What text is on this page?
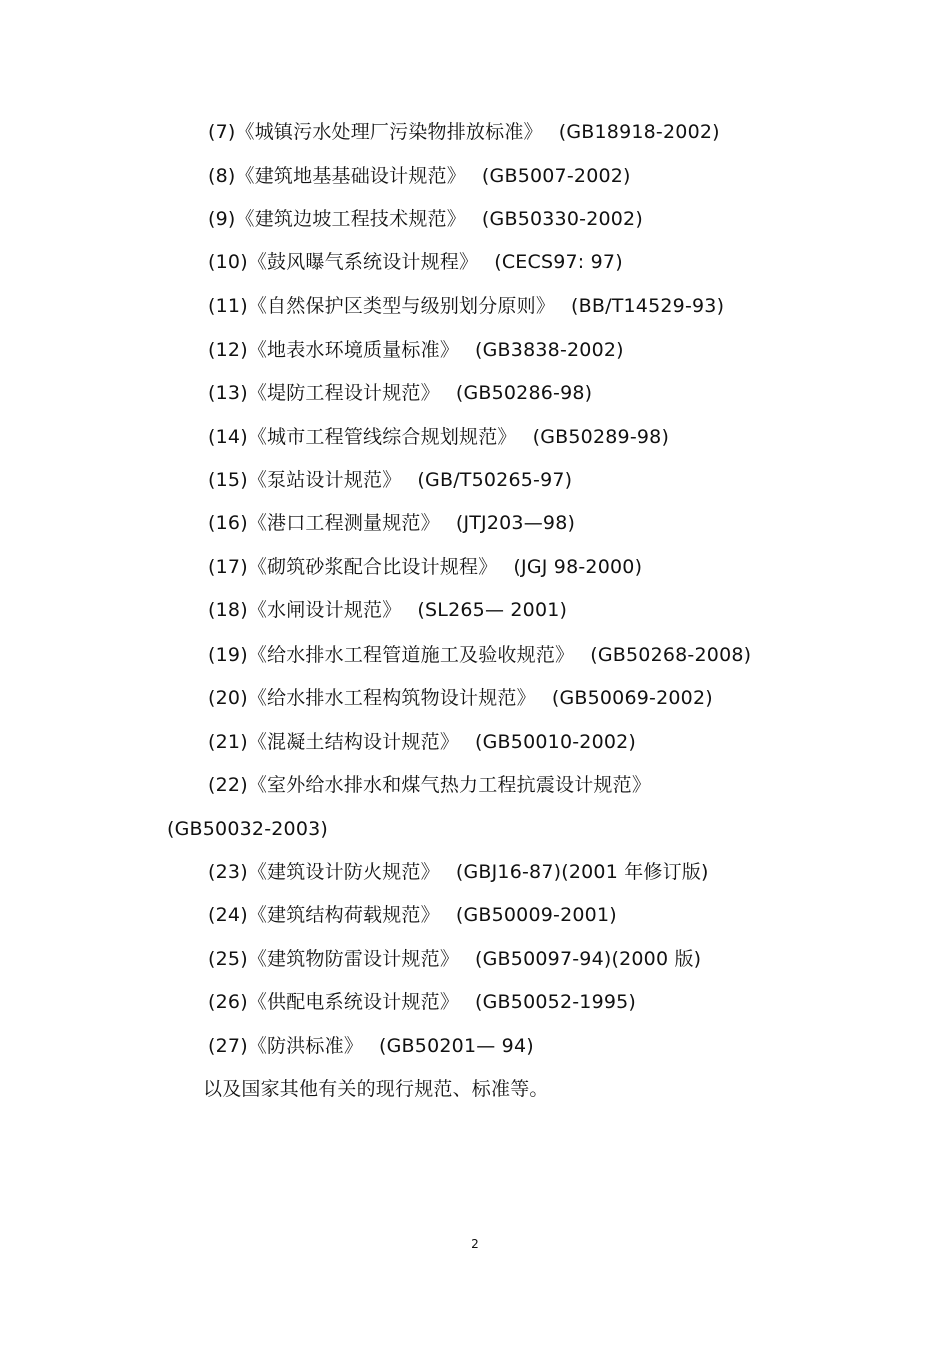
(7)《城镇污水处理厂污染物排放标准》 (GB18918-2002)
(8)《建筑地基基础设计规范》 (GB5007-2002)
(9)《建筑边坡工程技术规范》 (GB50330-2002)
(10)《鼓风曝气系统设计规程》 (CECS97: 97)
(11)《自然保护区类型与级别划分原则》 (BB/T14529-93)
(12)《地表水环境质量标准》 (GB3838-2002)
(13)《堤防工程设计规范》 (GB50286-98)
(14)《城市工程管线综合规划规范》 (GB50289-98)
(15)《泵站设计规范》 (GB/T50265-97)
(16)《港口工程测量规范》 (JTJ203—98)
(17)《砌筑砂浆配合比设计规程》 (JGJ 98-2000)
(18)《水闸设计规范》 (SL265— 2001)
(19)《给水排水工程管道施工及验收规范》 (GB50268-2008)
(20)《给水排水工程构筑物设计规范》 (GB50069-2002)
(21)《混凝土结构设计规范》 (GB50010-2002)
(22)《室外给水排水和煤气热力工程抗震设计规范》
(GB50032-2003)
(23)《建筑设计防火规范》 (GBJ16-87)(2001 年修订版)
(24)《建筑结构荷载规范》 (GB50009-2001)
(25)《建筑物防雷设计规范》 (GB50097-94)(2000 版)
(26)《供配电系统设计规范》 (GB50052-1995)
(27)《防洪标准》 (GB50201— 94)
以及国家其他有关的现行规范、标准等。
2
